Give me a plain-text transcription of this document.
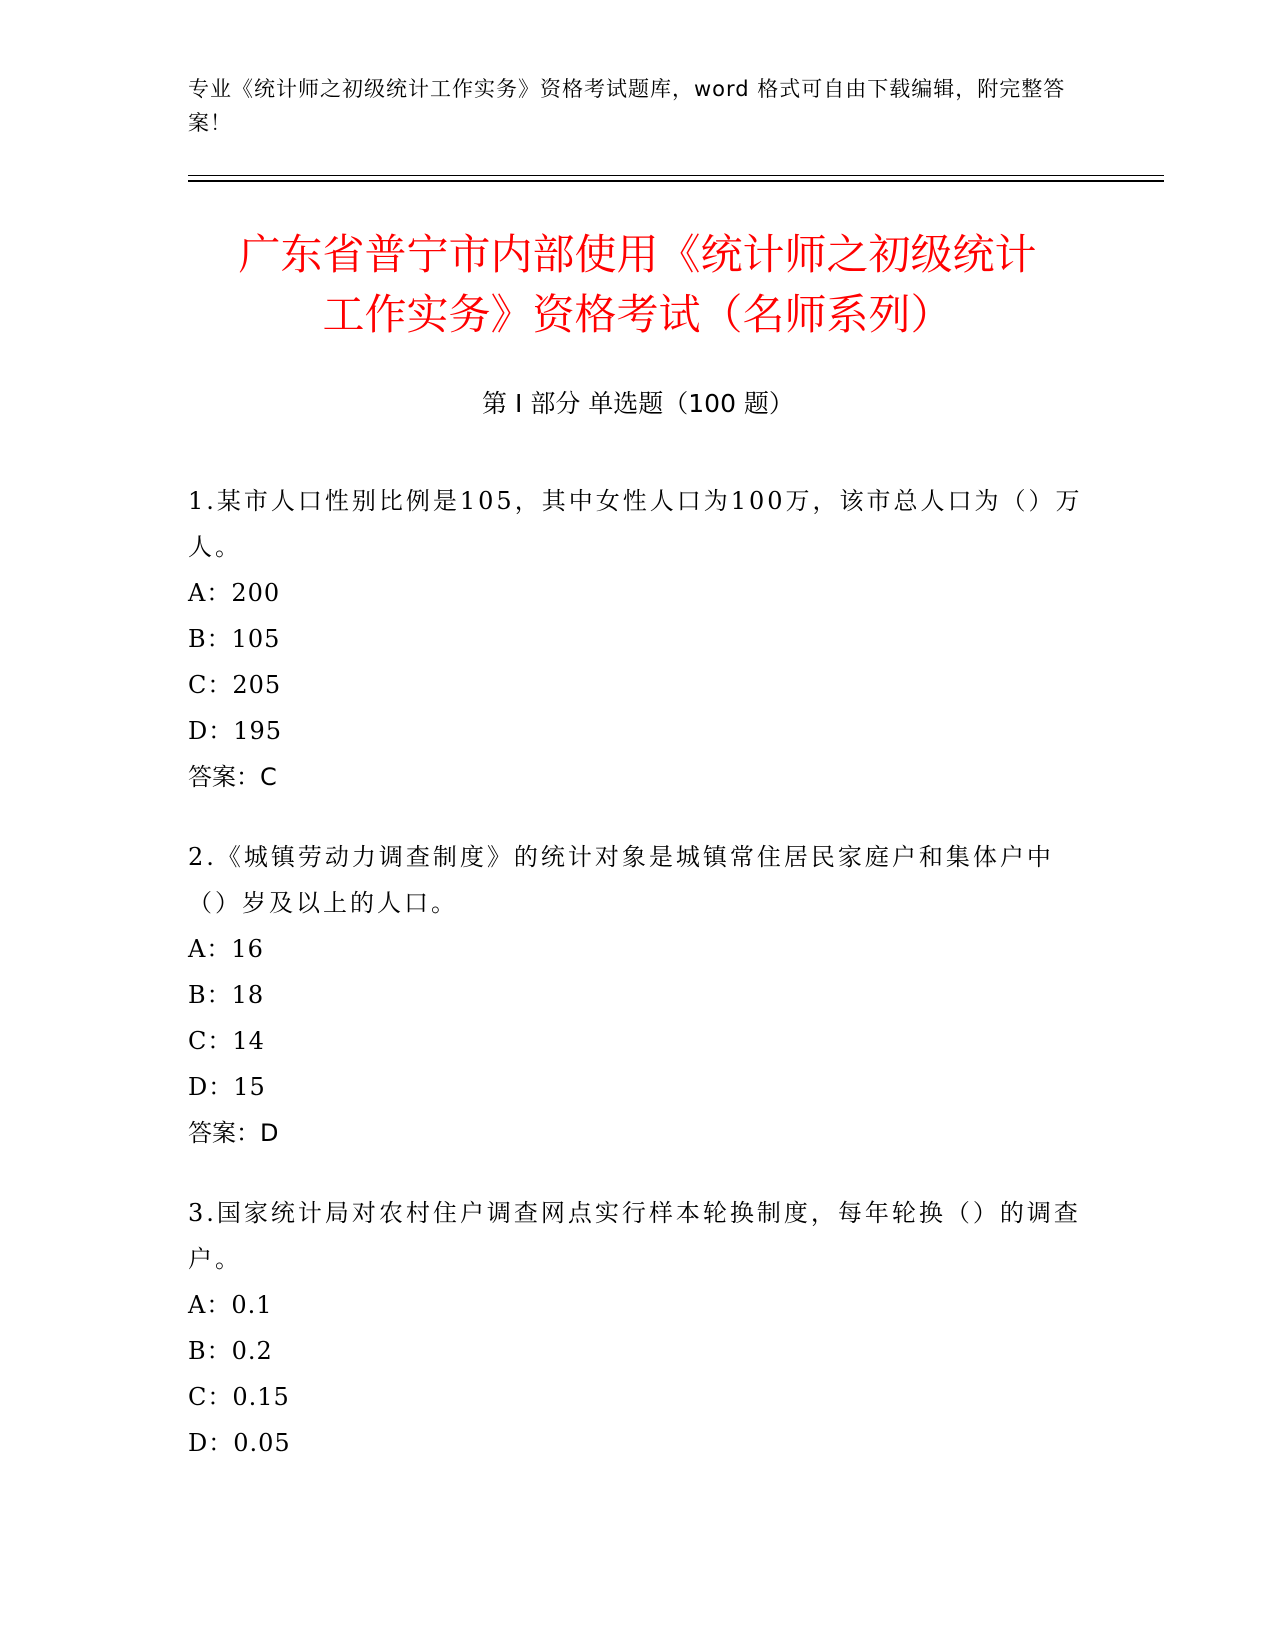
专业《统计师之初级统计工作实务》资格考试题库，word 格式可自由下载编辑，附完整答案！
广东省普宁市内部使用《统计师之初级统计
工作实务》资格考试（名师系列）
第 I 部分 单选题（100 题）
1.某市人口性别比例是105，其中女性人口为100万，该市总人口为（）万人。
A：200
B：105
C：205
D：195
答案：C
2.《城镇劳动力调查制度》的统计对象是城镇常住居民家庭户和集体户中（）岁及以上的人口。
A：16
B：18
C：14
D：15
答案：D
3.国家统计局对农村住户调查网点实行样本轮换制度，每年轮换（）的调查户。
A：0.1
B：0.2
C：0.15
D：0.05
